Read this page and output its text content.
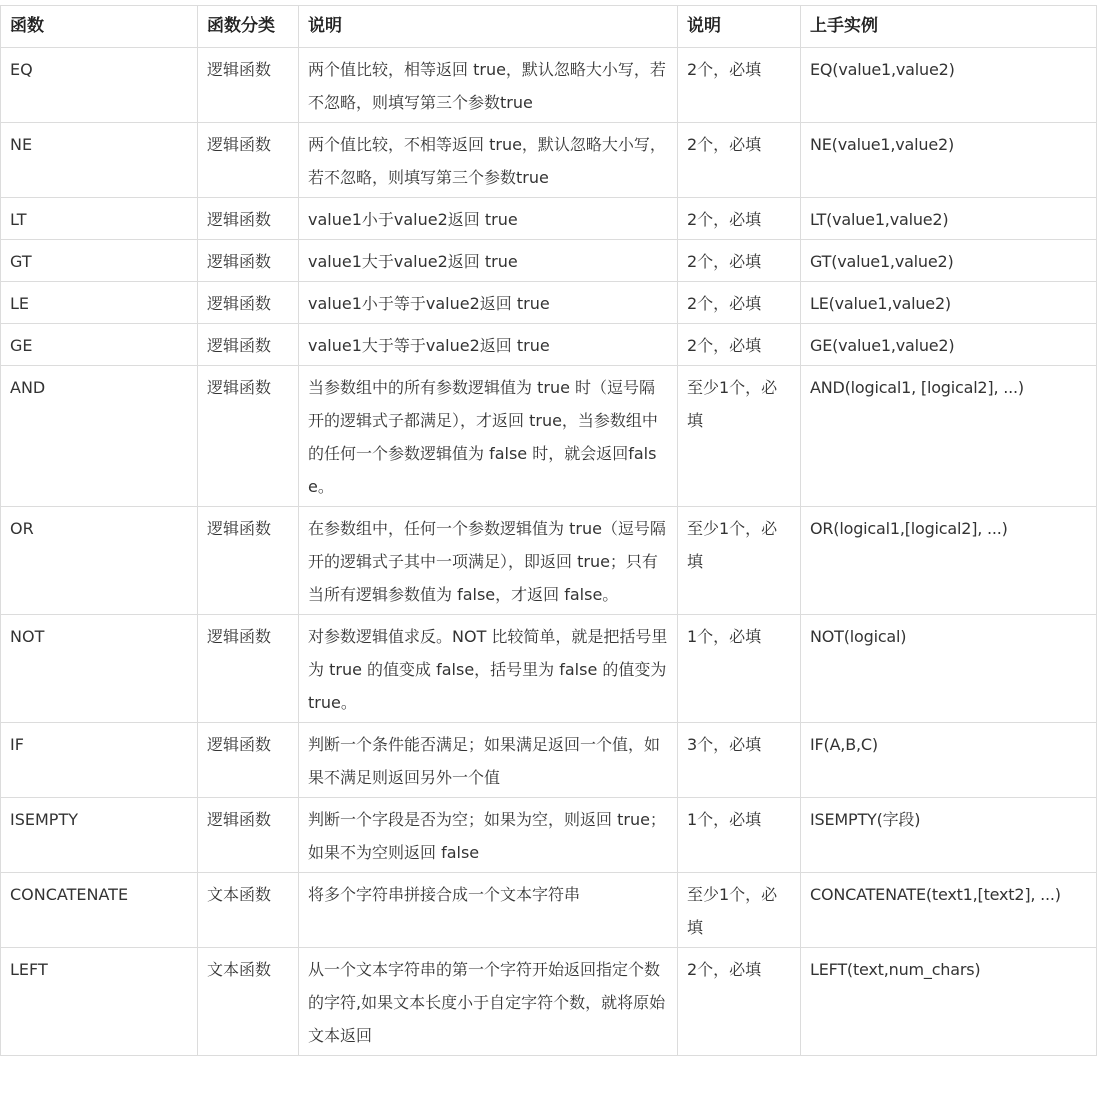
函数	函数分类	说明	说明	上手实例
EQ	逻辑函数	两个值比较，相等返回 true，默认忽略大小写，若不忽略，则填写第三个参数true	2个，必填	EQ(value1,value2)
NE	逻辑函数	两个值比较，不相等返回 true，默认忽略大小写，若不忽略，则填写第三个参数true	2个，必填	NE(value1,value2)
LT	逻辑函数	value1小于value2返回 true	2个，必填	LT(value1,value2)
GT	逻辑函数	value1大于value2返回 true	2个，必填	GT(value1,value2)
LE	逻辑函数	value1小于等于value2返回 true	2个，必填	LE(value1,value2)
GE	逻辑函数	value1大于等于value2返回 true	2个，必填	GE(value1,value2)
AND	逻辑函数	当参数组中的所有参数逻辑值为 true 时（逗号隔开的逻辑式子都满足），才返回 true，当参数组中的任何一个参数逻辑值为 false 时，就会返回false。	至少1个，必填	AND(logical1, [logical2], ...)
OR	逻辑函数	在参数组中，任何一个参数逻辑值为 true（逗号隔开的逻辑式子其中一项满足），即返回 true；只有当所有逻辑参数值为 false，才返回 false。	至少1个，必填	OR(logical1,[logical2], ...)
NOT	逻辑函数	对参数逻辑值求反。NOT 比较简单，就是把括号里为 true 的值变成 false，括号里为 false 的值变为 true。	1个，必填	NOT(logical)
IF	逻辑函数	判断一个条件能否满足；如果满足返回一个值，如果不满足则返回另外一个值	3个，必填	IF(A,B,C)
ISEMPTY	逻辑函数	判断一个字段是否为空；如果为空，则返回 true；如果不为空则返回 false	1个，必填	ISEMPTY(字段)
CONCATENATE	文本函数	将多个字符串拼接合成一个文本字符串	至少1个，必填	CONCATENATE(text1,[text2], ...)
LEFT	文本函数	从一个文本字符串的第一个字符开始返回指定个数的字符,如果文本长度小于自定字符个数，就将原始文本返回	2个，必填	LEFT(text,num_chars)
